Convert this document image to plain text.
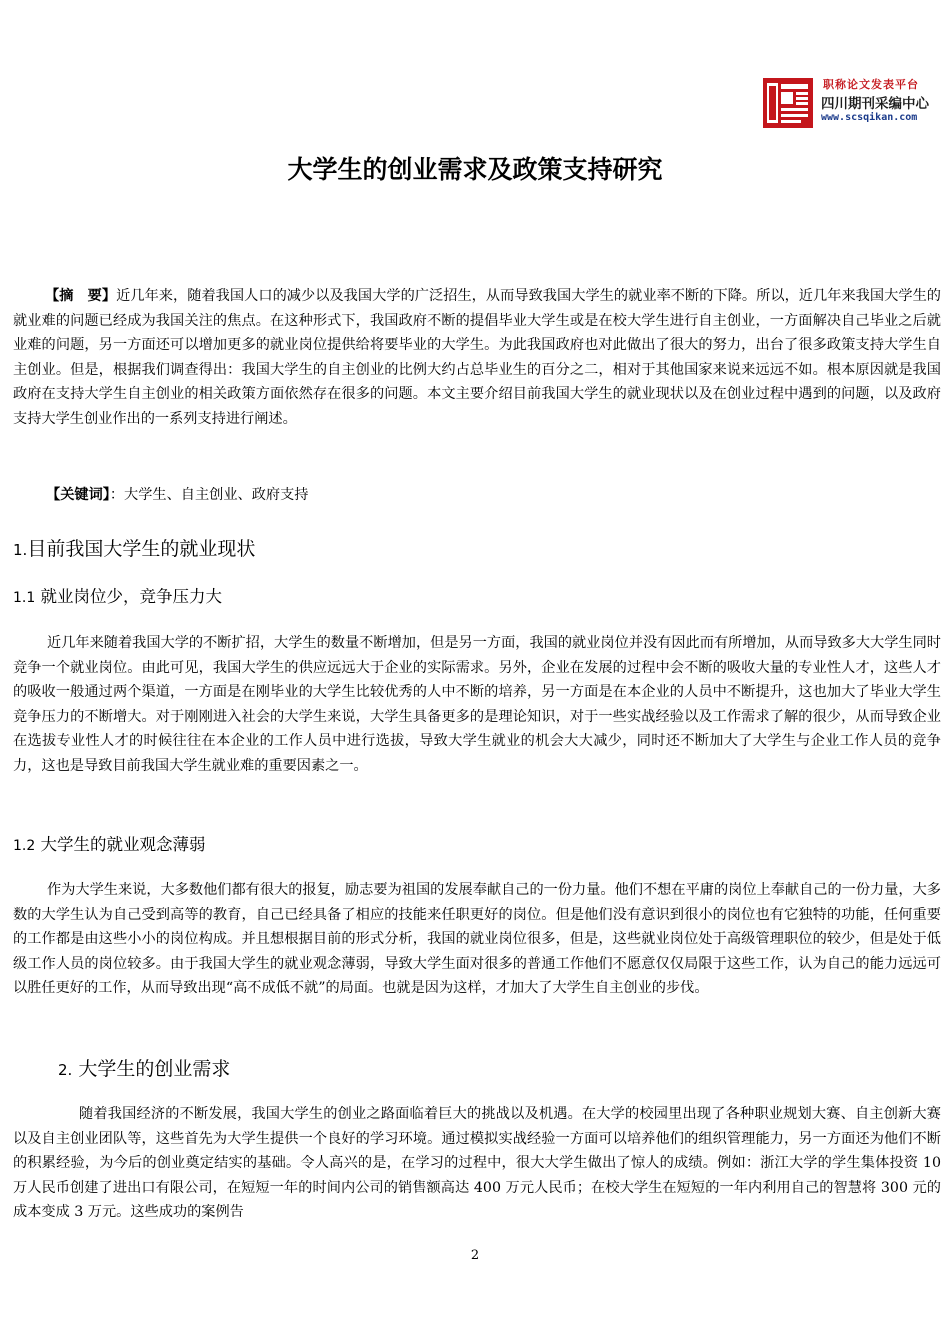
职称论文发表平台
四川期刊采编中心
www.scsqikan.com
大学生的创业需求及政策支持研究

【摘　要】近几年来，随着我国人口的减少以及我国大学的广泛招生，从而导致我国大学生的就业率不断的下降。所以，近几年来我国大学生的就业难的问题已经成为我国关注的焦点。在这种形式下，我国政府不断的提倡毕业大学生或是在校大学生进行自主创业，一方面解决自己毕业之后就业难的问题，另一方面还可以增加更多的就业岗位提供给将要毕业的大学生。为此我国政府也对此做出了很大的努力，出台了很多政策支持大学生自主创业。但是，根据我们调查得出：我国大学生的自主创业的比例大约占总毕业生的百分之二，相对于其他国家来说来远远不如。根本原因就是我国政府在支持大学生自主创业的相关政策方面依然存在很多的问题。本文主要介绍目前我国大学生的就业现状以及在创业过程中遇到的问题，以及政府支持大学生创业作出的一系列支持进行阐述。

【关键词】：大学生、自主创业、政府支持
1.目前我国大学生的就业现状
1.1 就业岗位少，竞争压力大

近几年来随着我国大学的不断扩招，大学生的数量不断增加，但是另一方面，我国的就业岗位并没有因此而有所增加，从而导致多大大学生同时竞争一个就业岗位。由此可见，我国大学生的供应远远大于企业的实际需求。另外，企业在发展的过程中会不断的吸收大量的专业性人才，这些人才的吸收一般通过两个渠道，一方面是在刚毕业的大学生比较优秀的人中不断的培养，另一方面是在本企业的人员中不断提升，这也加大了毕业大学生竞争压力的不断增大。对于刚刚进入社会的大学生来说，大学生具备更多的是理论知识，对于一些实战经验以及工作需求了解的很少，从而导致企业在选拔专业性人才的时候往往在本企业的工作人员中进行选拔，导致大学生就业的机会大大减少，同时还不断加大了大学生与企业工作人员的竞争力，这也是导致目前我国大学生就业难的重要因素之一。

1.2 大学生的就业观念薄弱

作为大学生来说，大多数他们都有很大的报复，励志要为祖国的发展奉献自己的一份力量。他们不想在平庸的岗位上奉献自己的一份力量，大多数的大学生认为自己受到高等的教育，自己已经具备了相应的技能来任职更好的岗位。但是他们没有意识到很小的岗位也有它独特的功能，任何重要的工作都是由这些小小的岗位构成。并且想根据目前的形式分析，我国的就业岗位很多，但是，这些就业岗位处于高级管理职位的较少，但是处于低级工作人员的岗位较多。由于我国大学生的就业观念薄弱，导致大学生面对很多的普通工作他们不愿意仅仅局限于这些工作，认为自己的能力远远可以胜任更好的工作，从而导致出现“高不成低不就”的局面。也就是因为这样，才加大了大学生自主创业的步伐。

2. 大学生的创业需求

随着我国经济的不断发展，我国大学生的创业之路面临着巨大的挑战以及机遇。在大学的校园里出现了各种职业规划大赛、自主创新大赛以及自主创业团队等，这些首先为大学生提供一个良好的学习环境。通过模拟实战经验一方面可以培养他们的组织管理能力，另一方面还为他们不断的积累经验，为今后的创业奠定结实的基础。令人高兴的是，在学习的过程中，很大大学生做出了惊人的成绩。例如：浙江大学的学生集体投资 10 万人民币创建了进出口有限公司，在短短一年的时间内公司的销售额高达 400 万元人民币；在校大学生在短短的一年内利用自己的智慧将 300 元的成本变成 3 万元。这些成功的案例告

2
